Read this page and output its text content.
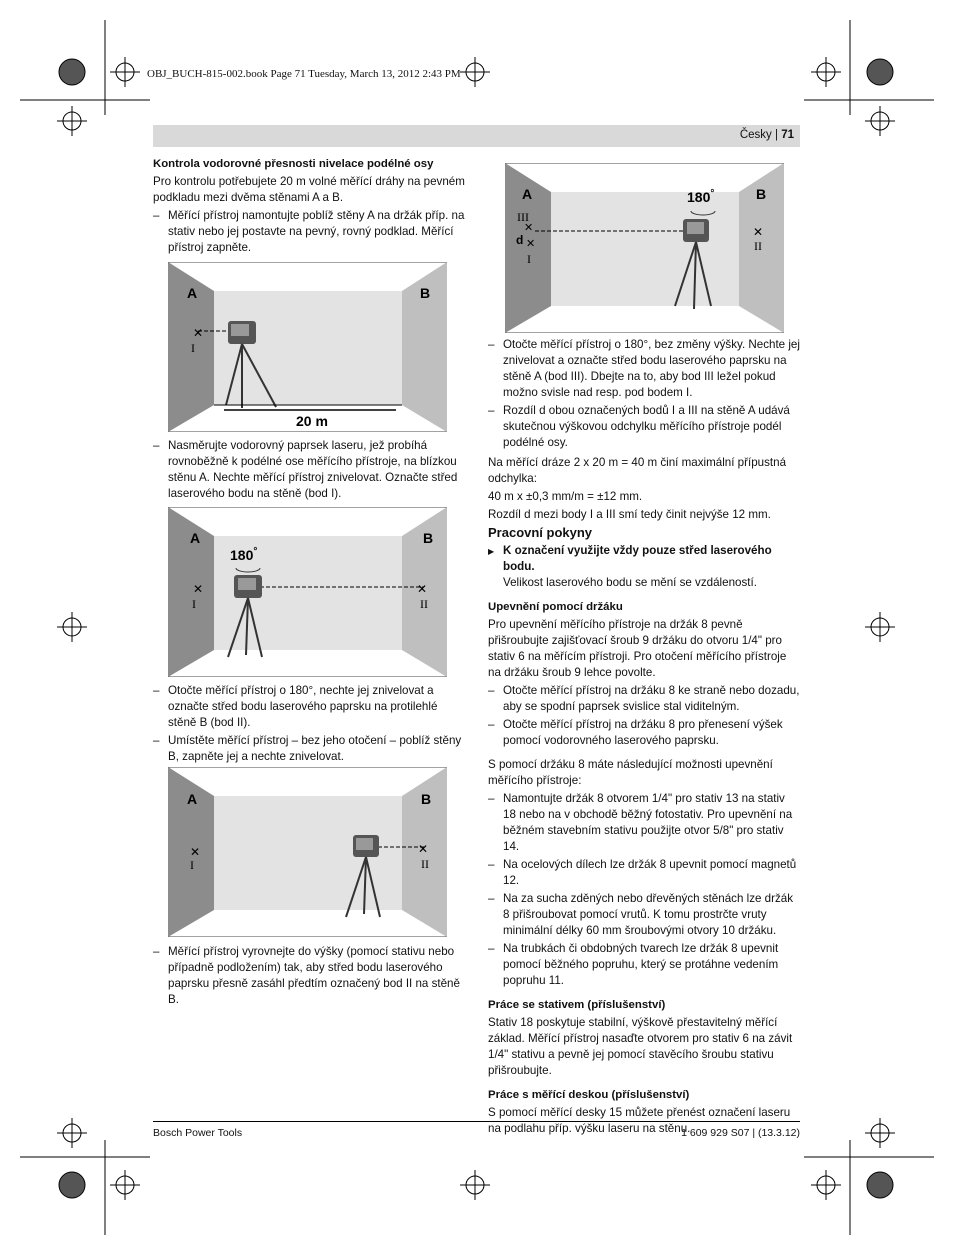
OBJ_BUCH-815-002.book Page 71 Tuesday, March 13, 2012 2:43 PM
Česky | 71

Kontrola vodorovné přesnosti nivelace podélné osy

Pro kontrolu potřebujete 20 m volné měřící dráhy na pevném podkladu mezi dvěma stěnami A a B.

– Měřící přístroj namontujte poblíž stěny A na držák příp. na stativ nebo jej postavte na pevný, rovný podklad. Měřící přístroj zapněte.

A	B
✕
I
20 m

– Nasměrujte vodorovný paprsek laseru, jež probíhá rovnoběžně k podélné ose měřícího přístroje, na blízkou stěnu A. Nechte měřící přístroj znivelovat. Označte střed laserového bodu na stěně (bod I).

A	B
180°
✕
I
✕
II

– Otočte měřící přístroj o 180°, nechte jej znivelovat a označte střed bodu laserového paprsku na protilehlé stěně B (bod II).

– Umístěte měřící přístroj – bez jeho otočení – poblíž stěny B, zapněte jej a nechte znivelovat.

A	B
✕
I
✕
II

– Měřící přístroj vyrovnejte do výšky (pomocí stativu nebo případně podložením) tak, aby střed bodu laserového paprsku přesně zasáhl předtím označený bod II na stěně B.

A	B
180°
III
✕
d ✕
I
✕
II

– Otočte měřící přístroj o 180°, bez změny výšky. Nechte jej znivelovat a označte střed bodu laserového paprsku na stěně A (bod III). Dbejte na to, aby bod III ležel pokud možno svisle nad resp. pod bodem I.

– Rozdíl d obou označených bodů I a III na stěně A udává skutečnou výškovou odchylku měřícího přístroje podél podélné osy.

Na měřící dráze 2 x 20 m = 40 m činí maximální přípustná odchylka:

40 m x ±0,3 mm/m = ±12 mm.

Rozdíl d mezi body I a III smí tedy činit nejvýše 12 mm.

Pracovní pokyny

▶ K označení využijte vždy pouze střed laserového bodu.
Velikost laserového bodu se mění se vzdáleností.

Upevnění pomocí držáku

Pro upevnění měřícího přístroje na držák 8 pevně přišroubujte zajišťovací šroub 9 držáku do otvoru 1/4" pro stativ 6 na měřícím přístroji. Pro otočení měřícího přístroje na držáku šroub 9 lehce povolte.

– Otočte měřící přístroj na držáku 8 ke straně nebo dozadu, aby se spodní paprsek svislice stal viditelným.

– Otočte měřící přístroj na držáku 8 pro přenesení výšek pomocí vodorovného laserového paprsku.

S pomocí držáku 8 máte následující možnosti upevnění měřícího přístroje:

– Namontujte držák 8 otvorem 1/4" pro stativ 13 na stativ 18 nebo na v obchodě běžný fotostativ. Pro upevnění na běžném stavebním stativu použijte otvor 5/8" pro stativ 14.

– Na ocelových dílech lze držák 8 upevnit pomocí magnetů 12.

– Na za sucha zděných nebo dřevěných stěnách lze držák 8 přišroubovat pomocí vrutů. K tomu prostrčte vruty minimální délky 60 mm šroubovými otvory 10 držáku.

– Na trubkách či obdobných tvarech lze držák 8 upevnit pomocí běžného popruhu, který se protáhne vedením popruhu 11.

Práce se stativem (příslušenství)

Stativ 18 poskytuje stabilní, výškově přestavitelný měřící základ. Měřící přístroj nasaďte otvorem pro stativ 6 na závit 1/4" stativu a pevně jej pomocí stavěcího šroubu stativu přišroubujte.

Práce s měřící deskou (příslušenství)

S pomocí měřící desky 15 můžete přenést označení laseru na podlahu příp. výšku laseru na stěnu.

Bosch Power Tools	1 609 929 S07 | (13.3.12)
